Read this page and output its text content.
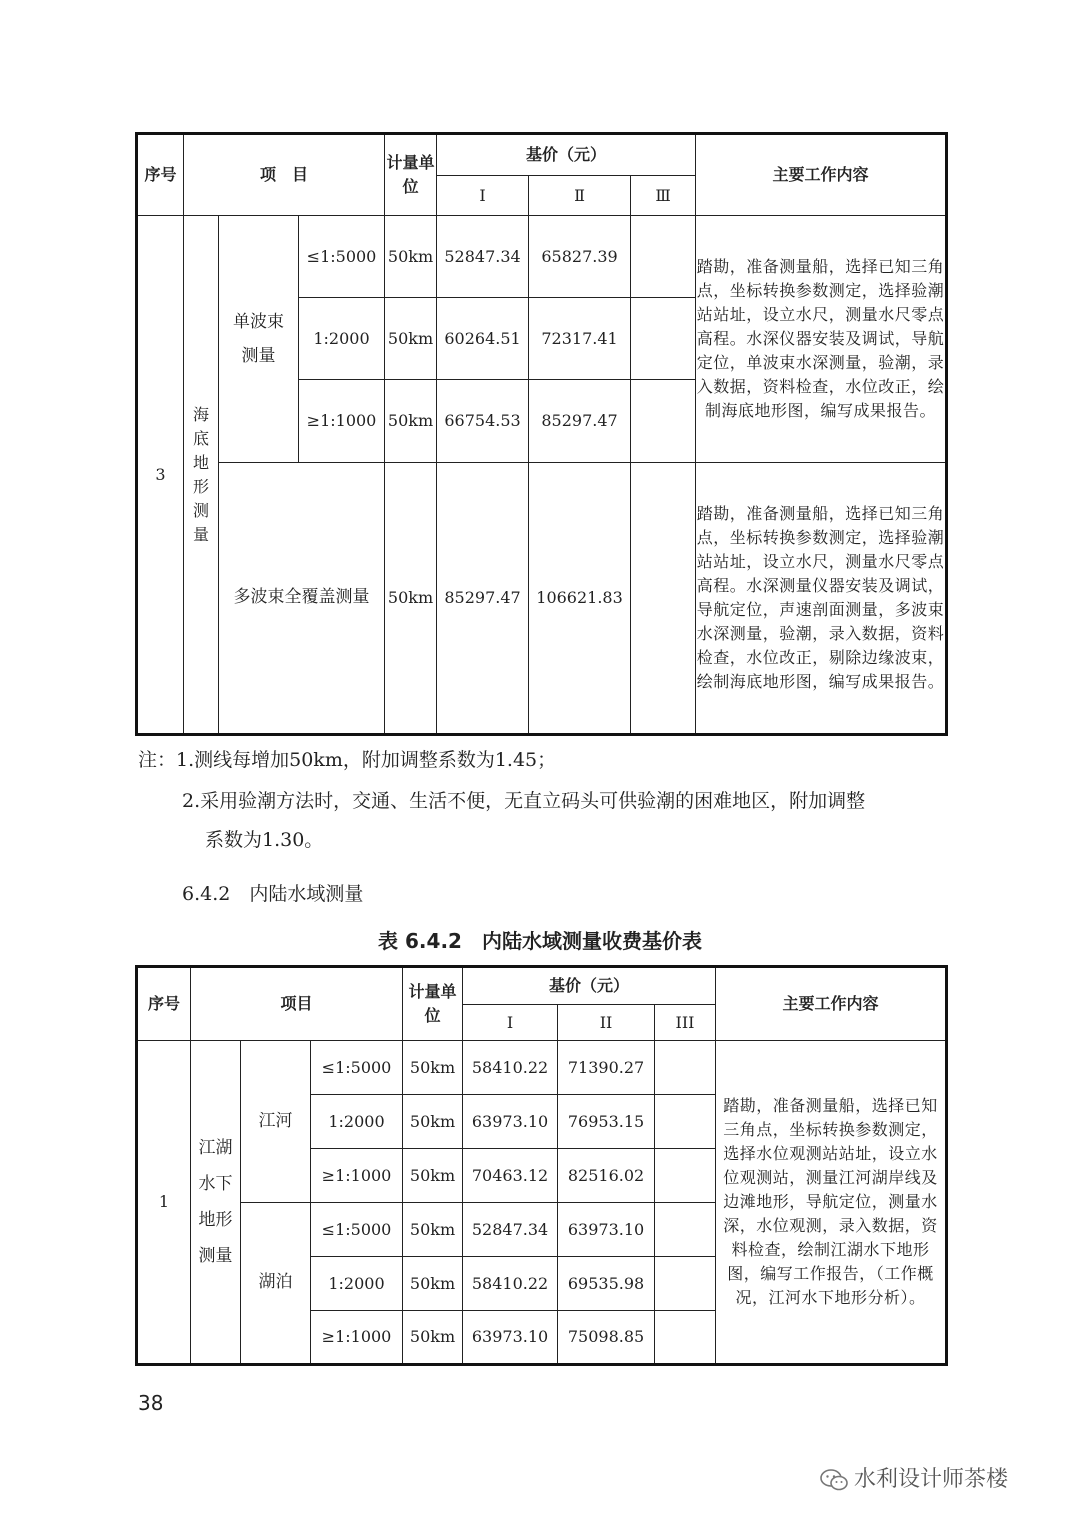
序号	项　目			计量单位	基价（元）			主要工作内容
					Ⅰ	Ⅱ	Ⅲ	
3	海底地形测量	单波束测量	≤1:5000	50km	52847.34	65827.39		踏勘，准备测量船，选择已知三角点，坐标转换参数测定，选择验潮站站址，设立水尺，测量水尺零点高程。水深仪器安装及调试，导航定位，单波束水深测量，验潮，录入数据，资料检查，水位改正，绘制海底地形图，编写成果报告。
			1:2000	50km	60264.51	72317.41		
			≥1:1000	50km	66754.53	85297.47		
		多波束全覆盖测量		50km	85297.47	106621.83		踏勘，准备测量船，选择已知三角点，坐标转换参数测定，选择验潮站站址，设立水尺，测量水尺零点高程。水深测量仪器安装及调试，导航定位，声速剖面测量，多波束水深测量，验潮，录入数据，资料检查，水位改正，剔除边缘波束，绘制海底地形图，编写成果报告。
注：1.测线每增加50km，附加调整系数为1.45；
2.采用验潮方法时，交通、生活不便，无直立码头可供验潮的困难地区，附加调整
系数为1.30。
6.4.2　内陆水域测量
表 6.4.2　内陆水域测量收费基价表
序号	项目			计量单位	基价（元）			主要工作内容
					I	II	III	
1	江湖水下地形测量	江河	≤1:5000	50km	58410.22	71390.27		踏勘，准备测量船，选择已知三角点，坐标转换参数测定，选择水位观测站站址，设立水位观测站，测量江河湖岸线及边滩地形，导航定位，测量水深，水位观测，录入数据，资料检查，绘制江湖水下地形图，编写工作报告，（工作概况，江河水下地形分析）。
			1:2000	50km	63973.10	76953.15		
			≥1:1000	50km	70463.12	82516.02		
		湖泊	≤1:5000	50km	52847.34	63973.10		
			1:2000	50km	58410.22	69535.98		
			≥1:1000	50km	63973.10	75098.85		
38
水利设计师茶楼
